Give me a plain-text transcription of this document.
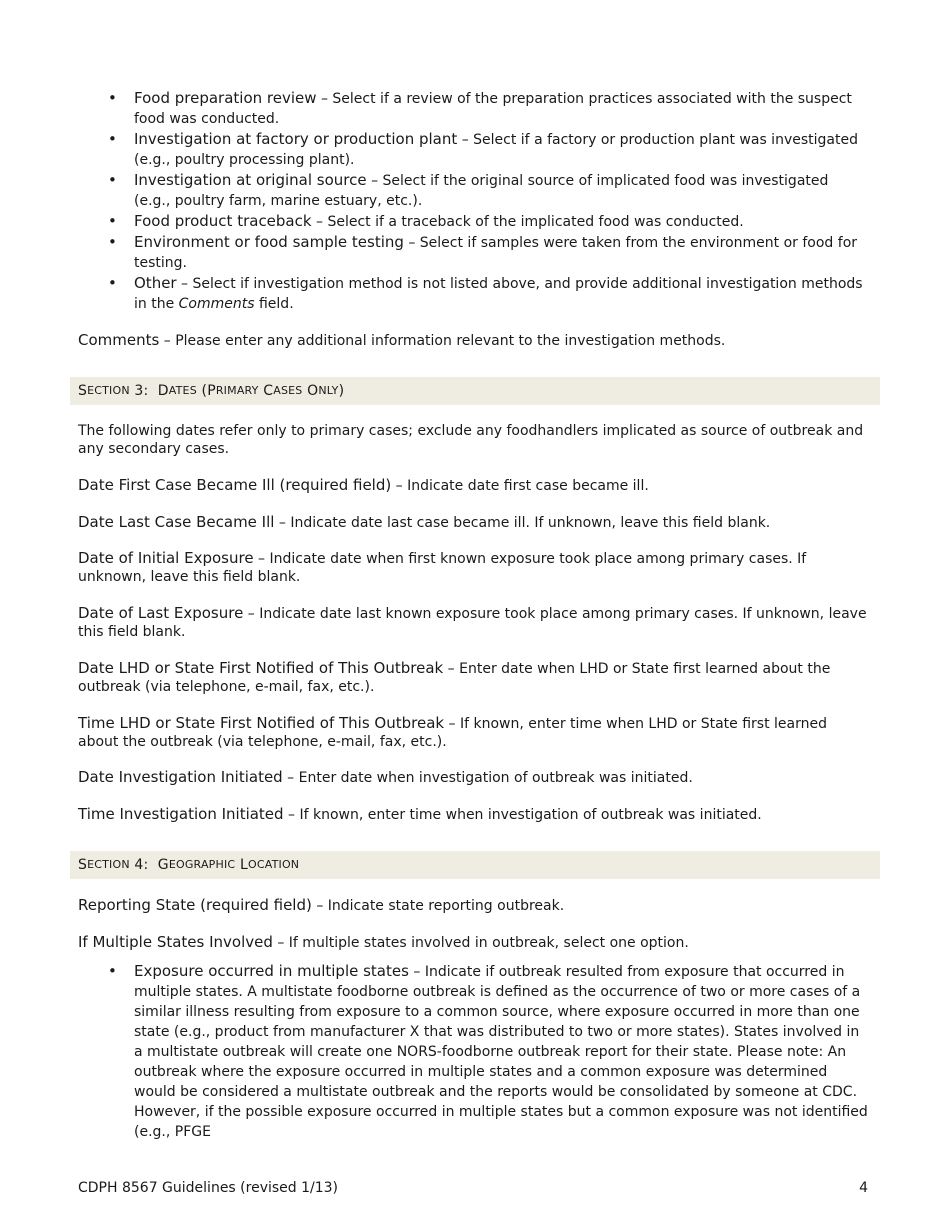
• Food preparation review – Select if a review of the preparation practices associated with the suspect food was conducted.
• Investigation at factory or production plant – Select if a factory or production plant was investigated (e.g., poultry processing plant).
• Investigation at original source – Select if the original source of implicated food was investigated (e.g., poultry farm, marine estuary, etc.).
• Food product traceback – Select if a traceback of the implicated food was conducted.
• Environment or food sample testing – Select if samples were taken from the environment or food for testing.
• Other – Select if investigation method is not listed above, and provide additional investigation methods in the Comments field.

Comments – Please enter any additional information relevant to the investigation methods.

S ECTION 3: D ATES ( P RIMARY C ASES O NLY )

The following dates refer only to primary cases; exclude any foodhandlers implicated as source of outbreak and any secondary cases.

Date First Case Became Ill (required field) – Indicate date first case became ill.

Date Last Case Became Ill – Indicate date last case became ill. If unknown, leave this field blank.

Date of Initial Exposure – Indicate date when first known exposure took place among primary cases. If unknown, leave this field blank.

Date of Last Exposure – Indicate date last known exposure took place among primary cases. If unknown, leave this field blank.

Date LHD or State First Notified of This Outbreak – Enter date when LHD or State first learned about the outbreak (via telephone, e-mail, fax, etc.).

Time LHD or State First Notified of This Outbreak – If known, enter time when LHD or State first learned about the outbreak (via telephone, e-mail, fax, etc.).

Date Investigation Initiated – Enter date when investigation of outbreak was initiated.

Time Investigation Initiated – If known, enter time when investigation of outbreak was initiated.

S ECTION 4: G EOGRAPHIC L OCATION

Reporting State (required field) – Indicate state reporting outbreak.

If Multiple States Involved – If multiple states involved in outbreak, select one option.

• Exposure occurred in multiple states – Indicate if outbreak resulted from exposure that occurred in multiple states. A multistate foodborne outbreak is defined as the occurrence of two or more cases of a similar illness resulting from exposure to a common source, where exposure occurred in more than one state (e.g., product from manufacturer X that was distributed to two or more states). States involved in a multistate outbreak will create one NORS-foodborne outbreak report for their state. Please note: An outbreak where the exposure occurred in multiple states and a common exposure was determined would be considered a multistate outbreak and the reports would be consolidated by someone at CDC. However, if the possible exposure occurred in multiple states but a common exposure was not identified (e.g., PFGE
CDPH 8567 Guidelines (revised 1/13)	4
